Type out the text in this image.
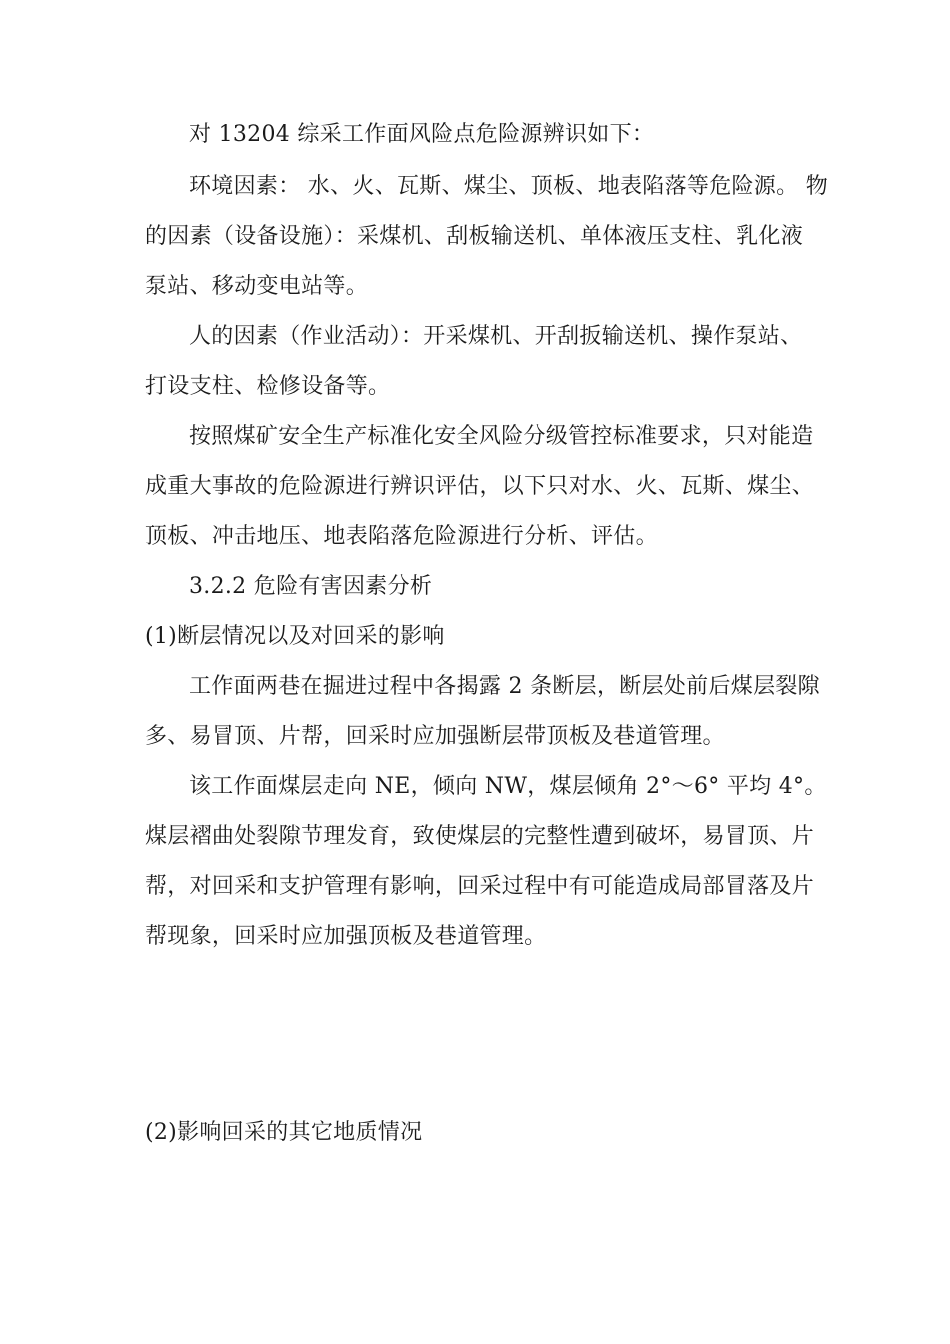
对 13204 综采工作面风险点危险源辨识如下：
环境因素： 水、火、瓦斯、煤尘、顶板、地表陷落等危险源。 物
的因素（设备设施）：采煤机、刮板输送机、单体液压支柱、乳化液
泵站、移动变电站等。
人的因素（作业活动）：开采煤机、开刮扳输送机、操作泵站、
打设支柱、检修设备等。
按照煤矿安全生产标准化安全风险分级管控标准要求，只对能造
成重大事故的危险源进行辨识评估，以下只对水、火、瓦斯、煤尘、
顶板、冲击地压、地表陷落危险源进行分析、评估。
3.2.2 危险有害因素分析
(1)断层情况以及对回采的影响
工作面两巷在掘进过程中各揭露 2 条断层，断层处前后煤层裂隙
多、易冒顶、片帮，回采时应加强断层带顶板及巷道管理。
该工作面煤层走向 NE，倾向 NW，煤层倾角 2°～6° 平均 4°。
煤层褶曲处裂隙节理发育，致使煤层的完整性遭到破坏，易冒顶、片
帮，对回采和支护管理有影响，回采过程中有可能造成局部冒落及片
帮现象，回采时应加强顶板及巷道管理。
(2)影响回采的其它地质情况
